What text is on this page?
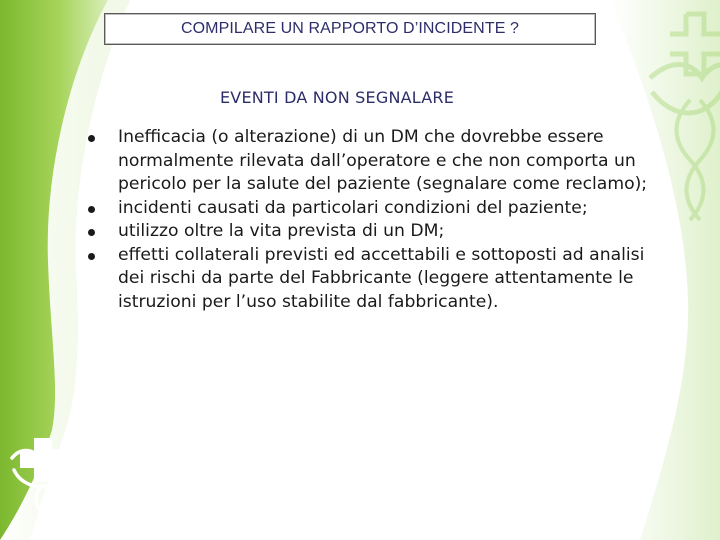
COMPILARE UN RAPPORTO D’INCIDENTE ?
EVENTI DA NON SEGNALARE
Inefficacia (o alterazione) di un DM che dovrebbe essere normalmente rilevata dall’operatore e che non comporta un pericolo per la salute del paziente (segnalare come reclamo);
incidenti causati da particolari condizioni del paziente;
utilizzo oltre la vita prevista di un DM;
effetti collaterali previsti ed accettabili e sottoposti ad analisi dei rischi da parte del Fabbricante (leggere attentamente le istruzioni per l’uso stabilite dal fabbricante).
